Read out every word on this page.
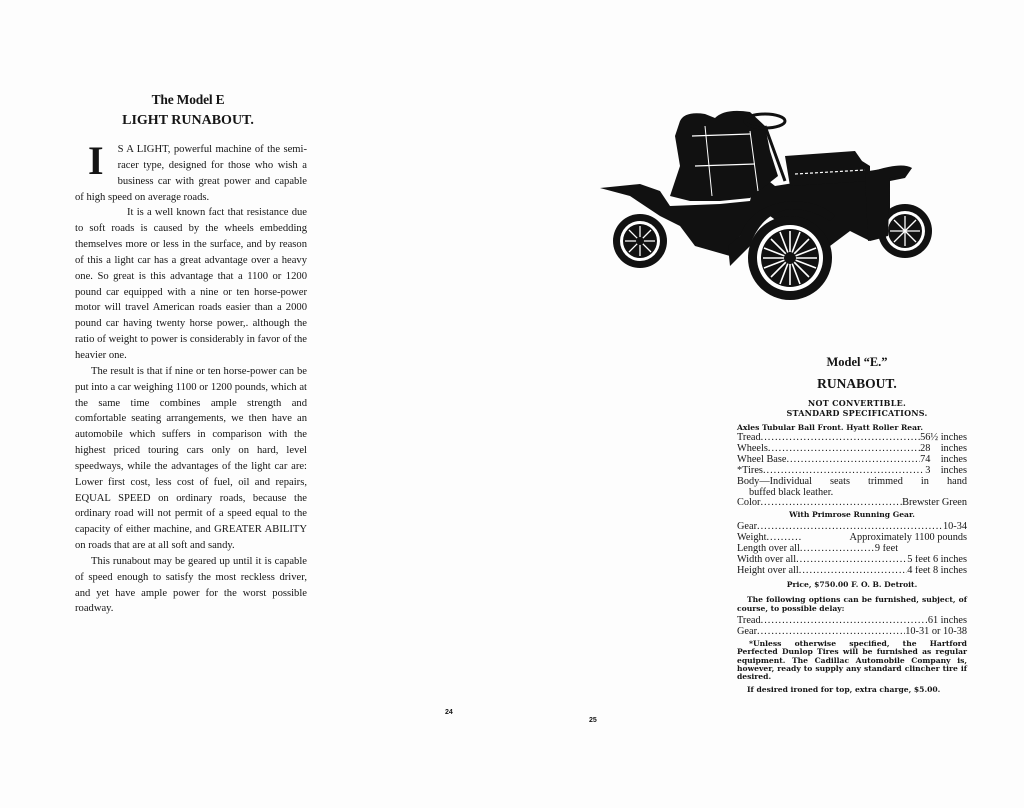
The Model E
LIGHT RUNABOUT.

I S A LIGHT, powerful machine of the semi-racer type, designed for those who wish a business car with great power and capable of high speed on average roads.

It is a well known fact that resistance due to soft roads is caused by the wheels embedding themselves more or less in the surface, and by reason of this a light car has a great advantage over a heavy one. So great is this advantage that a 1100 or 1200 pound car equipped with a nine or ten horse-power motor will travel American roads easier than a 2000 pound car having twenty horse power,. although the ratio of weight to power is considerably in favor of the heavier one.

The result is that if nine or ten horse-power can be put into a car weighing 1100 or 1200 pounds, which at the same time combines ample strength and comfortable seating arrangements, we then have an automobile which suffers in comparison with the highest priced touring cars only on hard, level speedways, while the advantages of the light car are: Lower first cost, less cost of fuel, oil and repairs, EQUAL SPEED on ordinary roads, because the ordinary road will not permit of a speed equal to the capacity of either machine, and GREATER ABILITY on roads that are at all soft and sandy.

This runabout may be geared up until it is capable of speed enough to satisfy the most reckless driver, and yet have ample power for the worst possible roadway.

24
Model “E.”
RUNABOUT.
NOT CONVERTIBLE.
STANDARD SPECIFICATIONS.
Axles Tubular Ball Front. Hyatt Roller Rear.
Tread .....	56½ inches
Wheels .....	28    inches
Wheel Base .....	74    inches
*Tires .....	3    inches
Body—Individual seats trimmed in hand
buffed black leather.
Color .....	Brewster Green
With Primrose Running Gear.
Gear .....	10-34
Weight .....	Approximately 1100 pounds
Length over all .....	9 feet
Width over all .....	5 feet 6 inches
Height over all .....	4 feet 8 inches
Price, $750.00 F. O. B. Detroit.
The following options can be furnished, subject, of course, to possible delay:
Tread .....	61 inches
Gear .....	10-31 or 10-38
*Unless otherwise specified, the Hartford Perfected Dunlop Tires will be furnished as regular equipment. The Cadillac Automobile Company is, however, ready to supply any standard clincher tire if desired.
If desired ironed for top, extra charge, $5.00.
25
